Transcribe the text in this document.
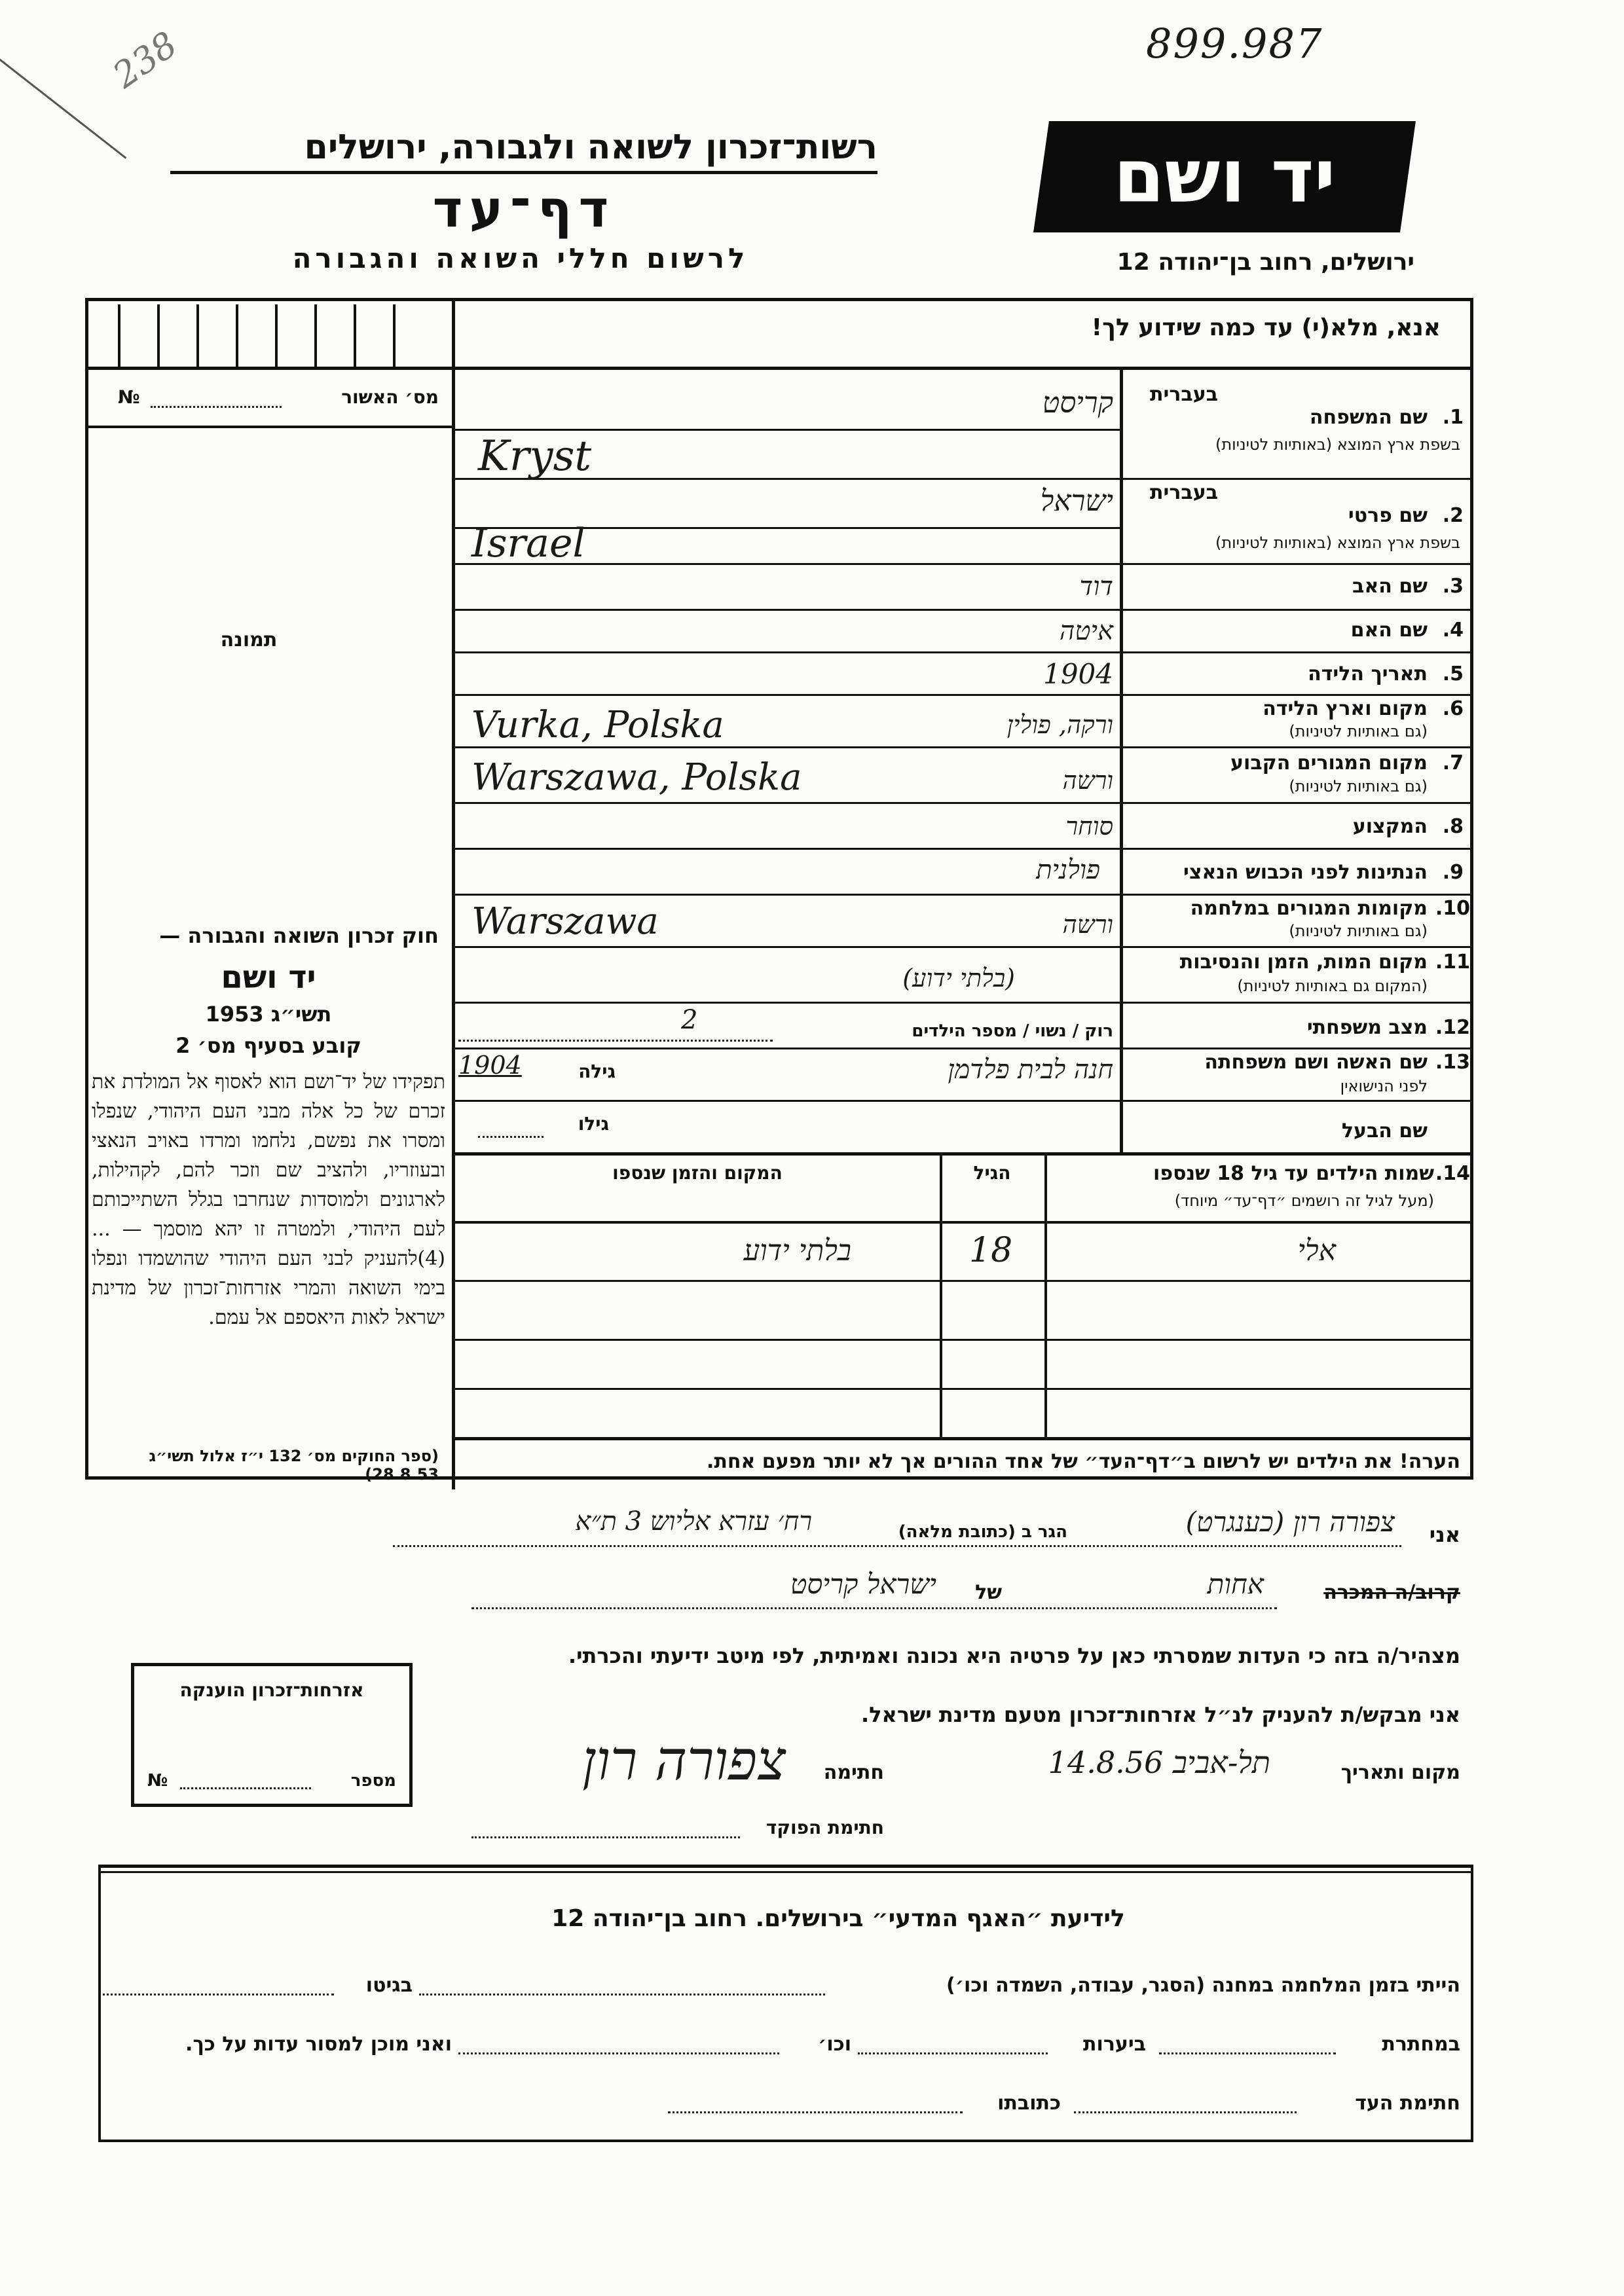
899.987
238
רשות־זכרון לשואה ולגבורה, ירושלים
דף־עד
לרשום חללי השואה והגבורה
יד ושם
ירושלים, רחוב בן־יהודה 12
אנא, מלא(י) עד כמה שידוע לך!
מס׳ האשור
№
תמונה
בעברית
שם המשפחה 1.
בשפת ארץ המוצא (באותיות לטיניות)
קריסט
Kryst
בעברית
שם פרטי 2.
בשפת ארץ המוצא (באותיות לטיניות)
ישראל
Israel
שם האב 3.
דוד
שם האם 4.
איטה
תאריך הלידה 5.
1904
מקום וארץ הלידה 6.
(גם באותיות לטיניות)
ורקה, פולין
Vurka, Polska
מקום המגורים הקבוע 7.
(גם באותיות לטיניות)
ורשה
Warszawa, Polska
המקצוע 8.
סוחר
הנתינות לפני הכבוש הנאצי 9.
פולנית
מקומות המגורים במלחמה 10.
(גם באותיות לטיניות)
ורשה
Warszawa
מקום המות, הזמן והנסיבות 11.
(המקום גם באותיות לטיניות)
(בלתי ידוע)
מצב משפחתי 12.
רוק / נשוי / מספר הילדים
2
שם האשה ושם משפחתה 13.
לפני הנישואין
חנה לבית פלדמן
גילה
1904
שם הבעל
גילו
14.
שמות הילדים עד גיל 18 שנספו
(מעל לגיל זה רושמים ״דף־עד״ מיוחד)
הגיל
המקום והזמן שנספו
אלי
18
בלתי ידוע
הערה! את הילדים יש לרשום ב״דף־העד״ של אחד ההורים אך לא יותר מפעם אחת.
חוק זכרון השואה והגבורה —
יד ושם
תשי״ג 1953
קובע בסעיף מס׳ 2
תפקידו של יד־ושם הוא לאסוף אל המולדת את זכרם של כל אלה מבני העם היהודי, שנפלו ומסרו את נפשם, נלחמו ומרדו באויב הנאצי ובעוזריו, ולהציב שם וזכר להם, לקהילות, לארגונים ולמוסדות שנחרבו בגלל השתייכותם לעם היהודי, ולמטרה זו יהא מוסמך — ...(4)להעניק לבני העם היהודי שהושמדו ונפלו בימי השואה והמרי אזרחות־זכרון של מדינת ישראל לאות היאספם אל עמם.
(ספר החוקים מס׳ 132 י״ז אלול תשי״ג 28.8.53)
אני
צפורה רון (כענגרט)
הגר ב (כתובת מלאה)
רח׳ עזרא אליוש 3 ת״א
קרוב/ה המכרה
אחות
של
ישראל קריסט
מצהיר/ה בזה כי העדות שמסרתי כאן על פרטיה היא נכונה ואמיתית, לפי מיטב ידיעתי והכרתי.
אני מבקש/ת להעניק לנ״ל אזרחות־זכרון מטעם מדינת ישראל.
מקום ותאריך
תל-אביב 14.8.56
חתימה
צפורה רון
חתימת הפוקד
אזרחות־זכרון הוענקה
מספר
№
לידיעת ״האגף המדעי״ בירושלים. רחוב בן־יהודה 12
הייתי בזמן המלחמה במחנה (הסגר, עבודה, השמדה וכו׳)
בגיטו
במחתרת
ביערות
וכו׳
ואני מוכן למסור עדות על כך.
חתימת העד
כתובתו
